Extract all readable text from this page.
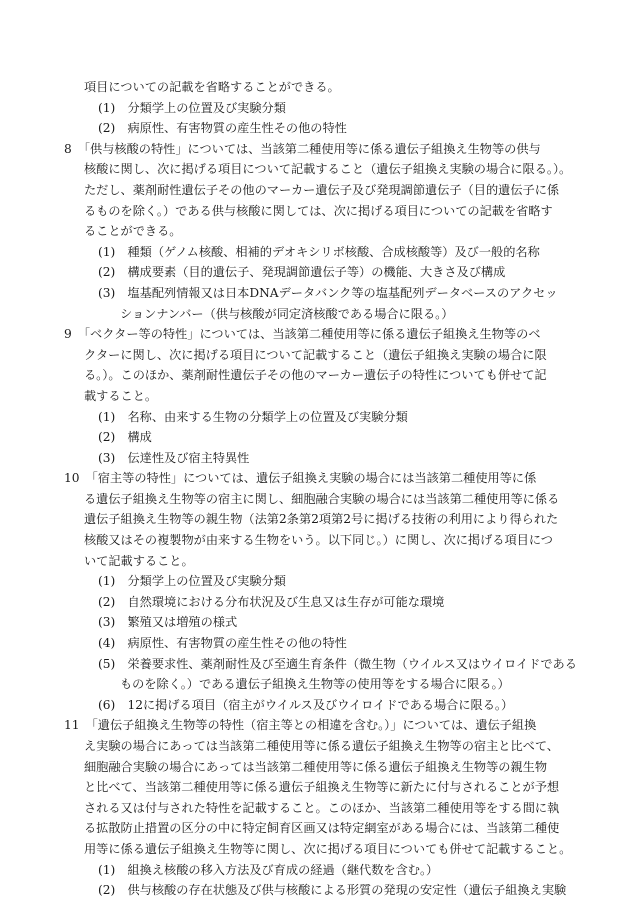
項目についての記載を省略することができる。
(1)　分類学上の位置及び実験分類
(2)　病原性、有害物質の産生性その他の特性
8　「供与核酸の特性」については、当該第二種使用等に係る遺伝子組換え生物等の供与
核酸に関し、次に掲げる項目について記載すること（遺伝子組換え実験の場合に限る。）。
ただし、薬剤耐性遺伝子その他のマーカー遺伝子及び発現調節遺伝子（目的遺伝子に係
るものを除く。）である供与核酸に関しては、次に掲げる項目についての記載を省略す
ることができる。
(1)　種類（ゲノム核酸、相補的デオキシリボ核酸、合成核酸等）及び一般的名称
(2)　構成要素（目的遺伝子、発現調節遺伝子等）の機能、大きさ及び構成
(3)　塩基配列情報又は日本DNAデータバンク等の塩基配列データベースのアクセッ
ションナンバー（供与核酸が同定済核酸である場合に限る。）
9　「ベクター等の特性」については、当該第二種使用等に係る遺伝子組換え生物等のベ
クターに関し、次に掲げる項目について記載すること（遺伝子組換え実験の場合に限
る。）。このほか、薬剤耐性遺伝子その他のマーカー遺伝子の特性についても併せて記
載すること。
(1)　名称、由来する生物の分類学上の位置及び実験分類
(2)　構成
(3)　伝達性及び宿主特異性
10　「宿主等の特性」については、遺伝子組換え実験の場合には当該第二種使用等に係
る遺伝子組換え生物等の宿主に関し、細胞融合実験の場合には当該第二種使用等に係る
遺伝子組換え生物等の親生物（法第2条第2項第2号に掲げる技術の利用により得られた
核酸又はその複製物が由来する生物をいう。以下同じ。）に関し、次に掲げる項目につ
いて記載すること。
(1)　分類学上の位置及び実験分類
(2)　自然環境における分布状況及び生息又は生存が可能な環境
(3)　繁殖又は増殖の様式
(4)　病原性、有害物質の産生性その他の特性
(5)　栄養要求性、薬剤耐性及び至適生育条件（微生物（ウイルス又はウイロイドである
ものを除く。）である遺伝子組換え生物等の使用等をする場合に限る。）
(6)　12に掲げる項目（宿主がウイルス及びウイロイドである場合に限る。）
11　「遺伝子組換え生物等の特性（宿主等との相違を含む。）」については、遺伝子組換
え実験の場合にあっては当該第二種使用等に係る遺伝子組換え生物等の宿主と比べて、
細胞融合実験の場合にあっては当該第二種使用等に係る遺伝子組換え生物等の親生物
と比べて、当該第二種使用等に係る遺伝子組換え生物等に新たに付与されることが予想
される又は付与された特性を記載すること。このほか、当該第二種使用等をする間に執
る拡散防止措置の区分の中に特定飼育区画又は特定網室がある場合には、当該第二種使
用等に係る遺伝子組換え生物等に関し、次に掲げる項目についても併せて記載すること。
(1)　組換え核酸の移入方法及び育成の経過（継代数を含む。）
(2)　供与核酸の存在状態及び供与核酸による形質の発現の安定性（遺伝子組換え実験
